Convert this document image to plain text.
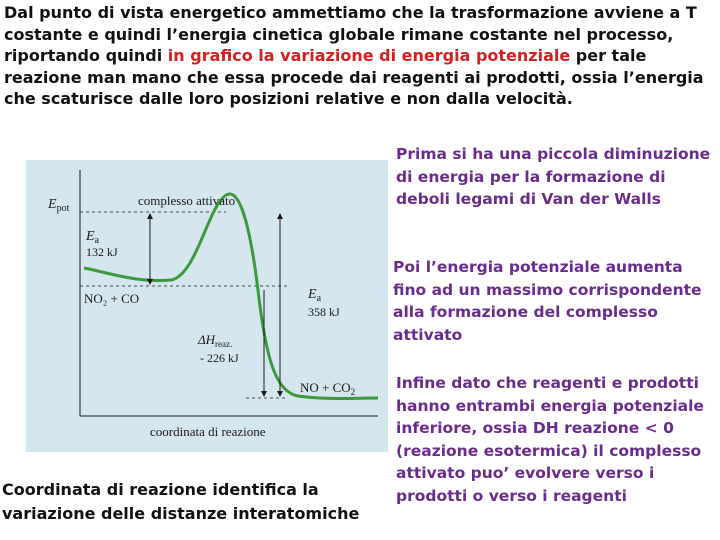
Dal punto di vista energetico ammettiamo che la trasformazione avviene a T costante e quindi l’energia cinetica globale rimane costante nel processo, riportando quindi in grafico la variazione di energia potenziale per tale reazione man mano che essa procede dai reagenti ai prodotti, ossia l’energia che scaturisce dalle loro posizioni relative e non dalla velocità.

Prima si ha una piccola diminuzione di energia per la formazione di deboli legami di Van der Walls

Poi l’energia potenziale aumenta fino ad un massimo corrispondente alla formazione del complesso attivato

Infine dato che reagenti e prodotti hanno entrambi energia potenziale inferiore, ossia DH reazione < 0 (reazione esotermica) il complesso attivato puo’ evolvere verso i prodotti o verso i reagenti

Coordinata di reazione identifica la variazione delle distanze interatomiche

$E_{pot}$
complesso attivato
$E_a$
132 kJ
NO₂ + CO	$E_a$
358 kJ
$\Delta H_{reaz.}$
- 226 kJ
NO + $CO_2$
coordinata di reazione
